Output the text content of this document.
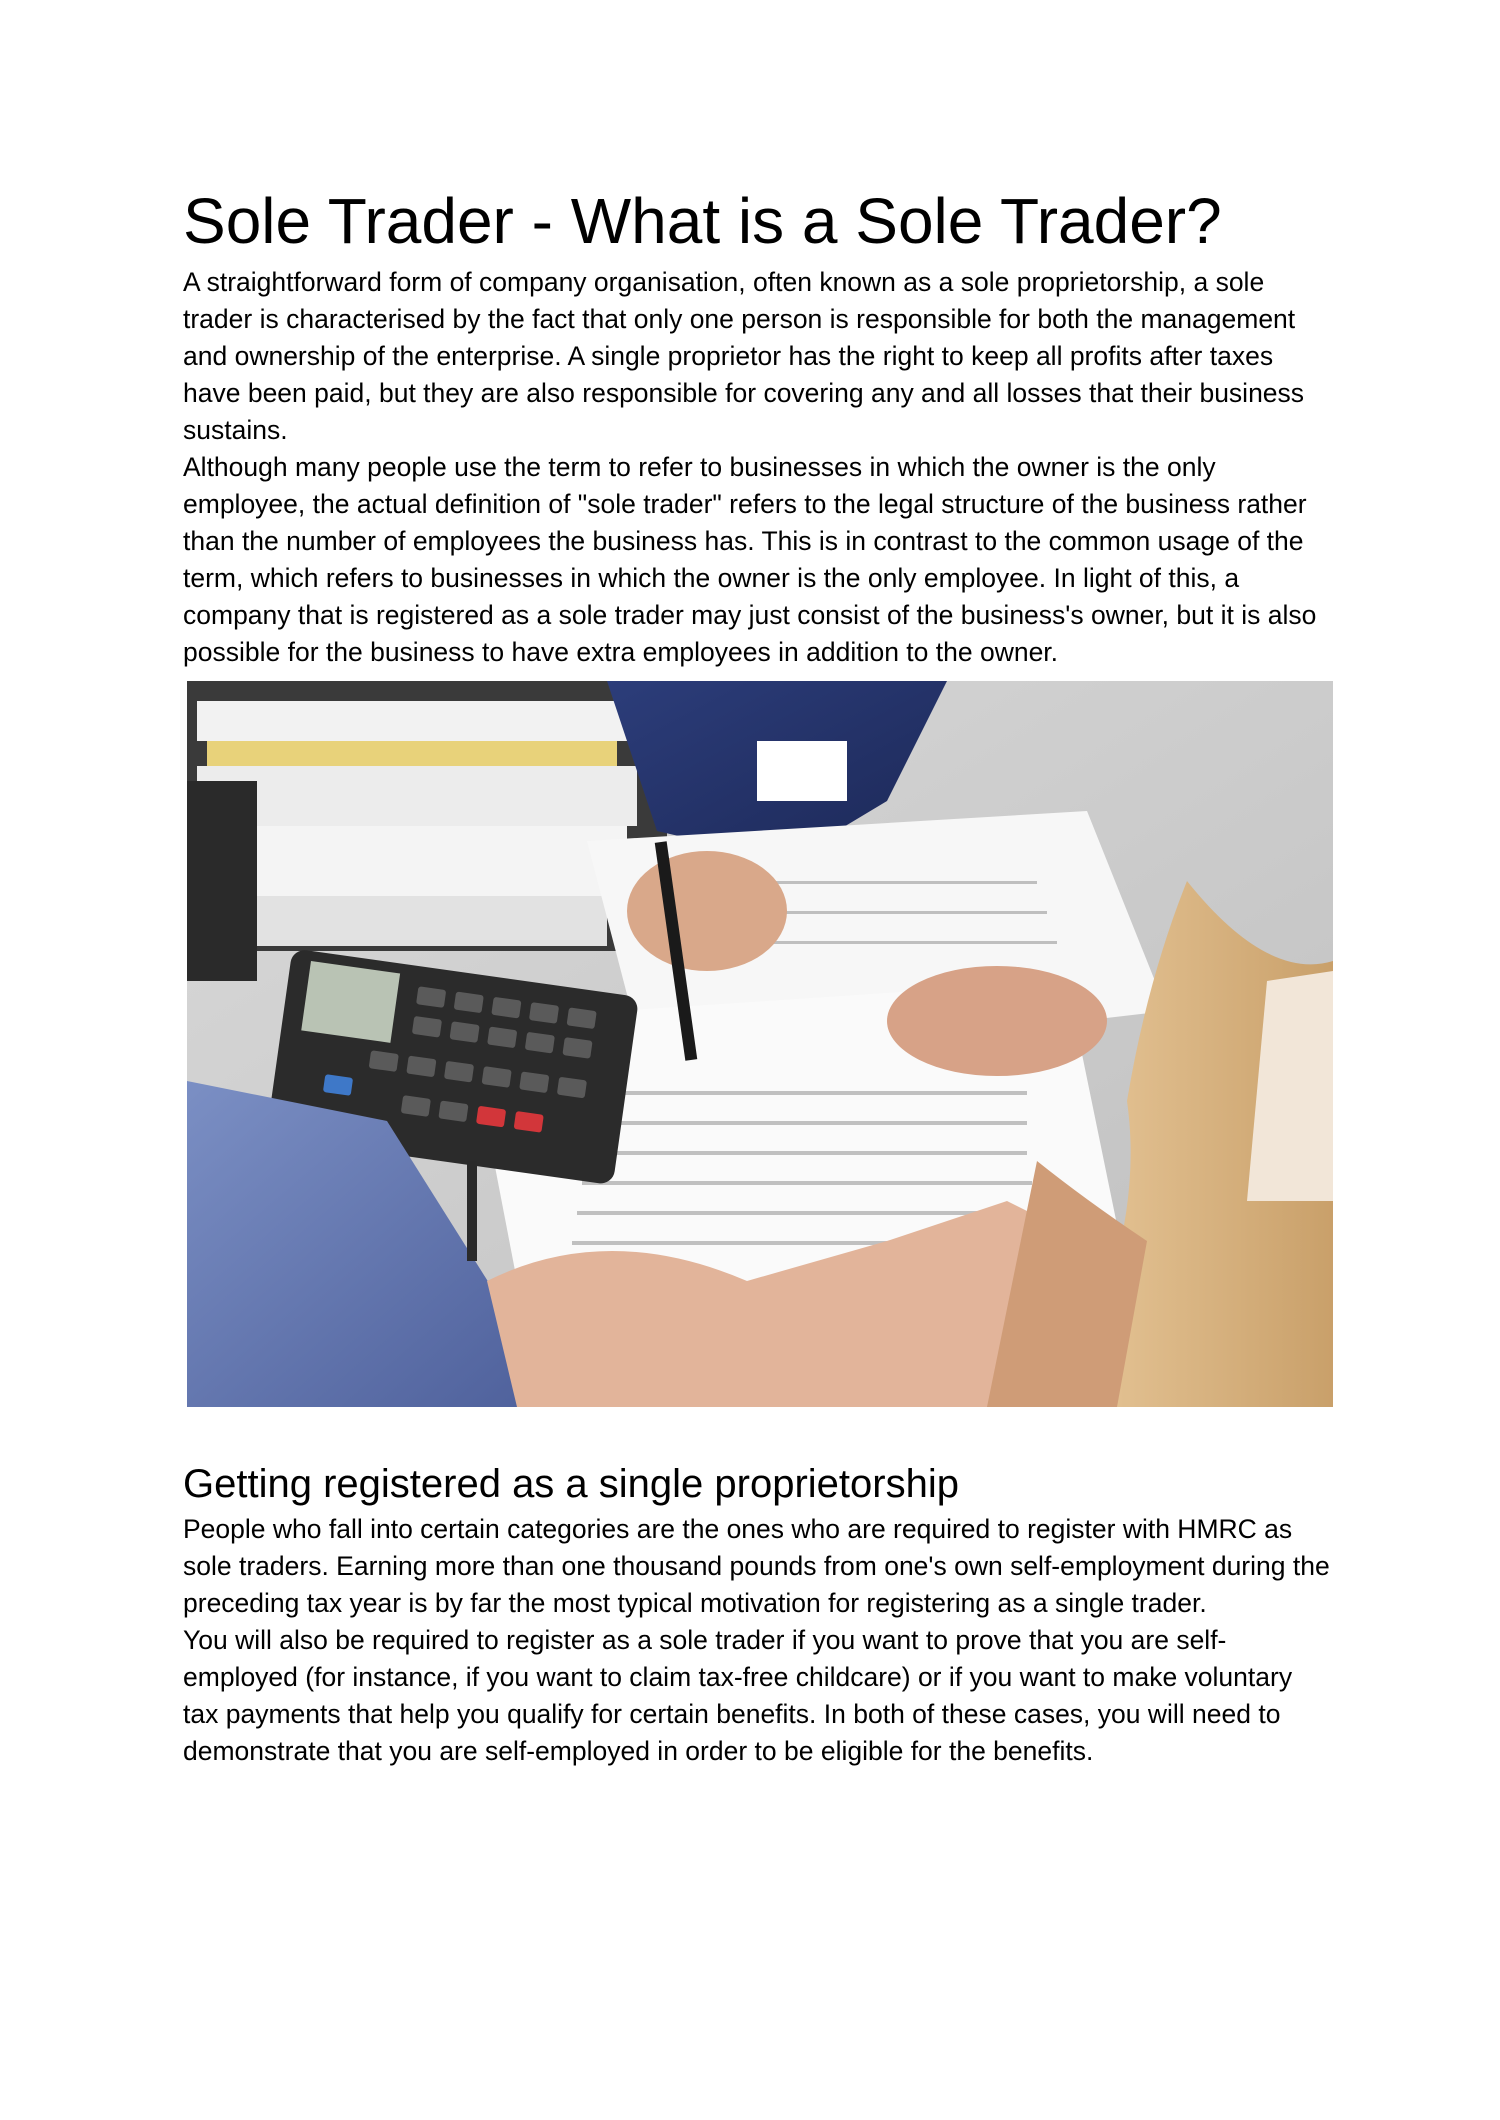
Sole Trader - What is a Sole Trader?

A straightforward form of company organisation, often known as a sole proprietorship, a sole trader is characterised by the fact that only one person is responsible for both the management and ownership of the enterprise. A single proprietor has the right to keep all profits after taxes have been paid, but they are also responsible for covering any and all losses that their business sustains.

Although many people use the term to refer to businesses in which the owner is the only employee, the actual definition of "sole trader" refers to the legal structure of the business rather than the number of employees the business has. This is in contrast to the common usage of the term, which refers to businesses in which the owner is the only employee. In light of this, a company that is registered as a sole trader may just consist of the business's owner, but it is also possible for the business to have extra employees in addition to the owner.

Getting registered as a single proprietorship

People who fall into certain categories are the ones who are required to register with HMRC as sole traders. Earning more than one thousand pounds from one's own self-employment during the preceding tax year is by far the most typical motivation for registering as a single trader.

You will also be required to register as a sole trader if you want to prove that you are self-employed (for instance, if you want to claim tax-free childcare) or if you want to make voluntary tax payments that help you qualify for certain benefits. In both of these cases, you will need to demonstrate that you are self-employed in order to be eligible for the benefits.
